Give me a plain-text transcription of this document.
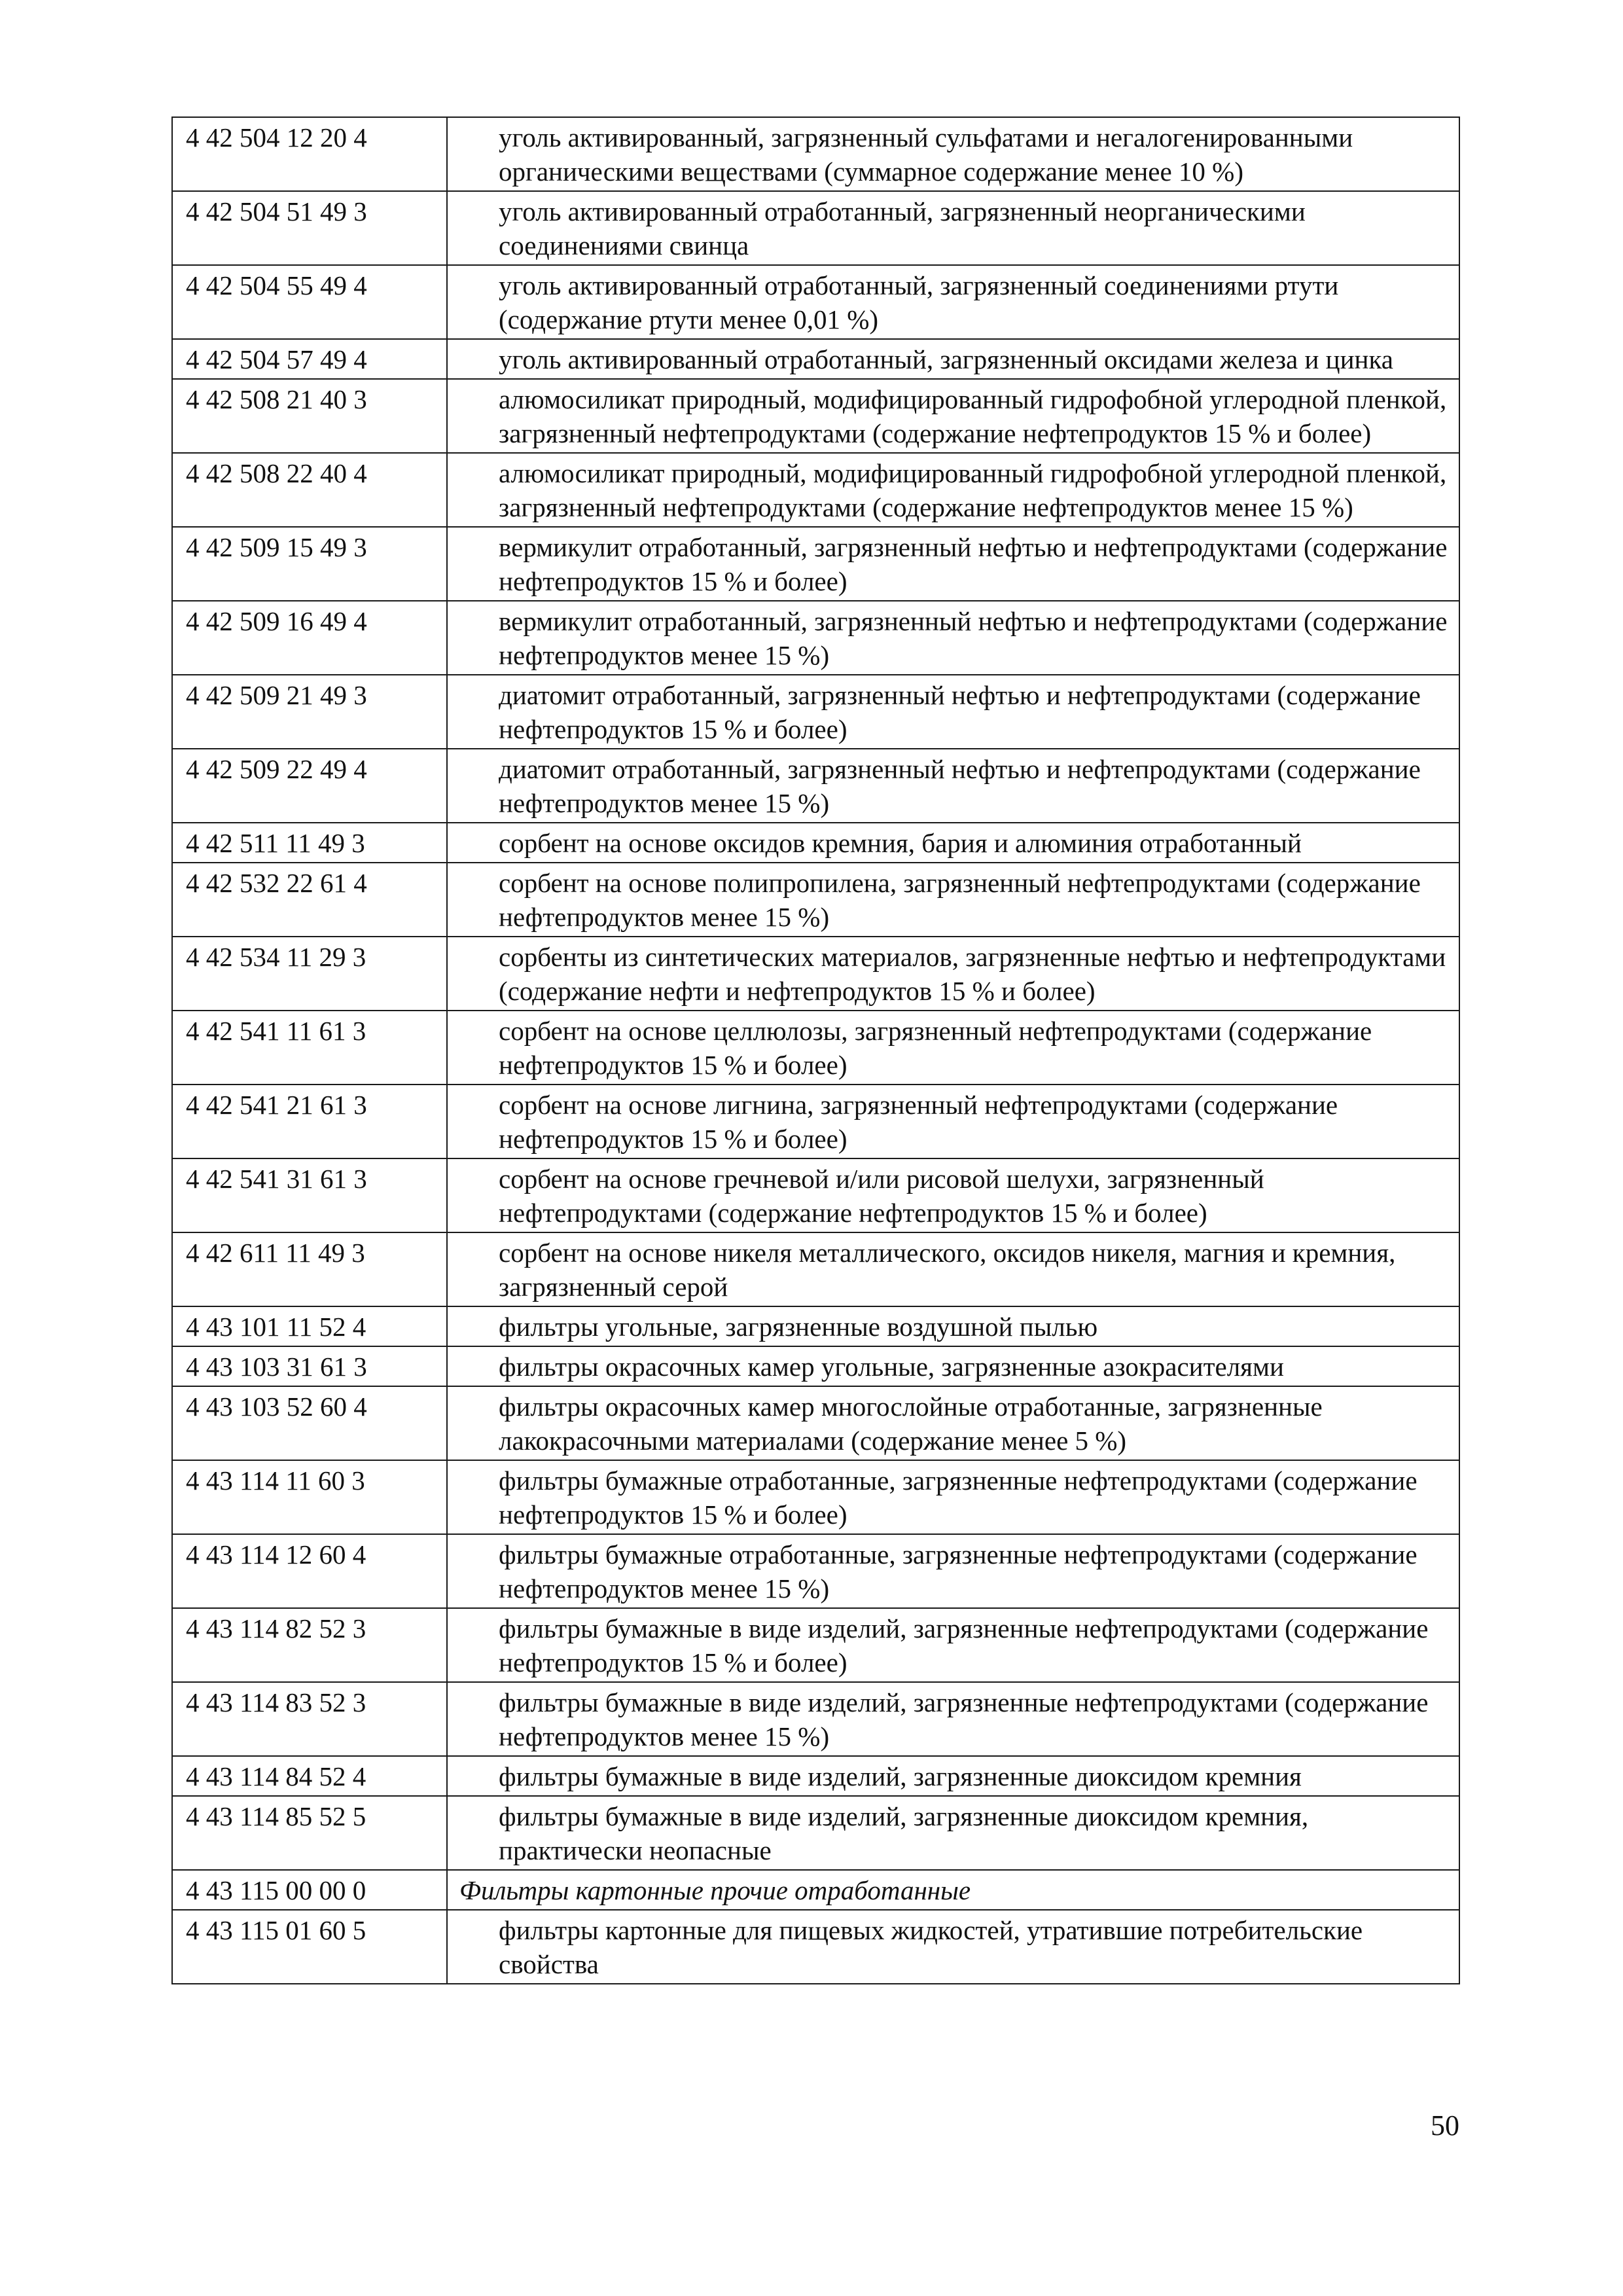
4 42 504 12 20 4	уголь активированный, загрязненный сульфатами и негалогенированными органическими веществами (суммарное содержание менее 10 %)
4 42 504 51 49 3	уголь активированный отработанный, загрязненный неорганическими соединениями свинца
4 42 504 55 49 4	уголь активированный отработанный, загрязненный соединениями ртути (содержание ртути менее 0,01 %)
4 42 504 57 49 4	уголь активированный отработанный, загрязненный оксидами железа и цинка
4 42 508 21 40 3	алюмосиликат природный, модифицированный гидрофобной углеродной пленкой, загрязненный нефтепродуктами (содержание нефтепродуктов 15 % и более)
4 42 508 22 40 4	алюмосиликат природный, модифицированный гидрофобной углеродной пленкой, загрязненный нефтепродуктами (содержание нефтепродуктов менее 15 %)
4 42 509 15 49 3	вермикулит отработанный, загрязненный нефтью и нефтепродуктами (содержание нефтепродуктов 15 % и более)
4 42 509 16 49 4	вермикулит отработанный, загрязненный нефтью и нефтепродуктами (содержание нефтепродуктов менее 15 %)
4 42 509 21 49 3	диатомит отработанный, загрязненный нефтью и нефтепродуктами (содержание нефтепродуктов 15 % и более)
4 42 509 22 49 4	диатомит отработанный, загрязненный нефтью и нефтепродуктами (содержание нефтепродуктов менее 15 %)
4 42 511 11 49 3	сорбент на основе оксидов кремния, бария и алюминия отработанный
4 42 532 22 61 4	сорбент на основе полипропилена, загрязненный нефтепродуктами (содержание нефтепродуктов менее 15 %)
4 42 534 11 29 3	сорбенты из синтетических материалов, загрязненные нефтью и нефтепродуктами (содержание нефти и нефтепродуктов 15 % и более)
4 42 541 11 61 3	сорбент на основе целлюлозы, загрязненный нефтепродуктами (содержание нефтепродуктов 15 % и более)
4 42 541 21 61 3	сорбент на основе лигнина, загрязненный нефтепродуктами (содержание нефтепродуктов 15 % и более)
4 42 541 31 61 3	сорбент на основе гречневой и/или рисовой шелухи, загрязненный нефтепродуктами (содержание нефтепродуктов 15 % и более)
4 42 611 11 49 3	сорбент на основе никеля металлического, оксидов никеля, магния и кремния, загрязненный серой
4 43 101 11 52 4	фильтры угольные, загрязненные воздушной пылью
4 43 103 31 61 3	фильтры окрасочных камер угольные, загрязненные азокрасителями
4 43 103 52 60 4	фильтры окрасочных камер многослойные отработанные, загрязненные лакокрасочными материалами (содержание менее 5 %)
4 43 114 11 60 3	фильтры бумажные отработанные, загрязненные нефтепродуктами (содержание нефтепродуктов 15 % и более)
4 43 114 12 60 4	фильтры бумажные отработанные, загрязненные нефтепродуктами (содержание нефтепродуктов менее 15 %)
4 43 114 82 52 3	фильтры бумажные в виде изделий, загрязненные нефтепродуктами (содержание нефтепродуктов 15 % и более)
4 43 114 83 52 3	фильтры бумажные в виде изделий, загрязненные нефтепродуктами (содержание нефтепродуктов менее 15 %)
4 43 114 84 52 4	фильтры бумажные в виде изделий, загрязненные диоксидом кремния
4 43 114 85 52 5	фильтры бумажные в виде изделий, загрязненные диоксидом кремния, практически неопасные
4 43 115 00 00 0	Фильтры картонные прочие отработанные
4 43 115 01 60 5	фильтры картонные для пищевых жидкостей, утратившие потребительские свойства
50
